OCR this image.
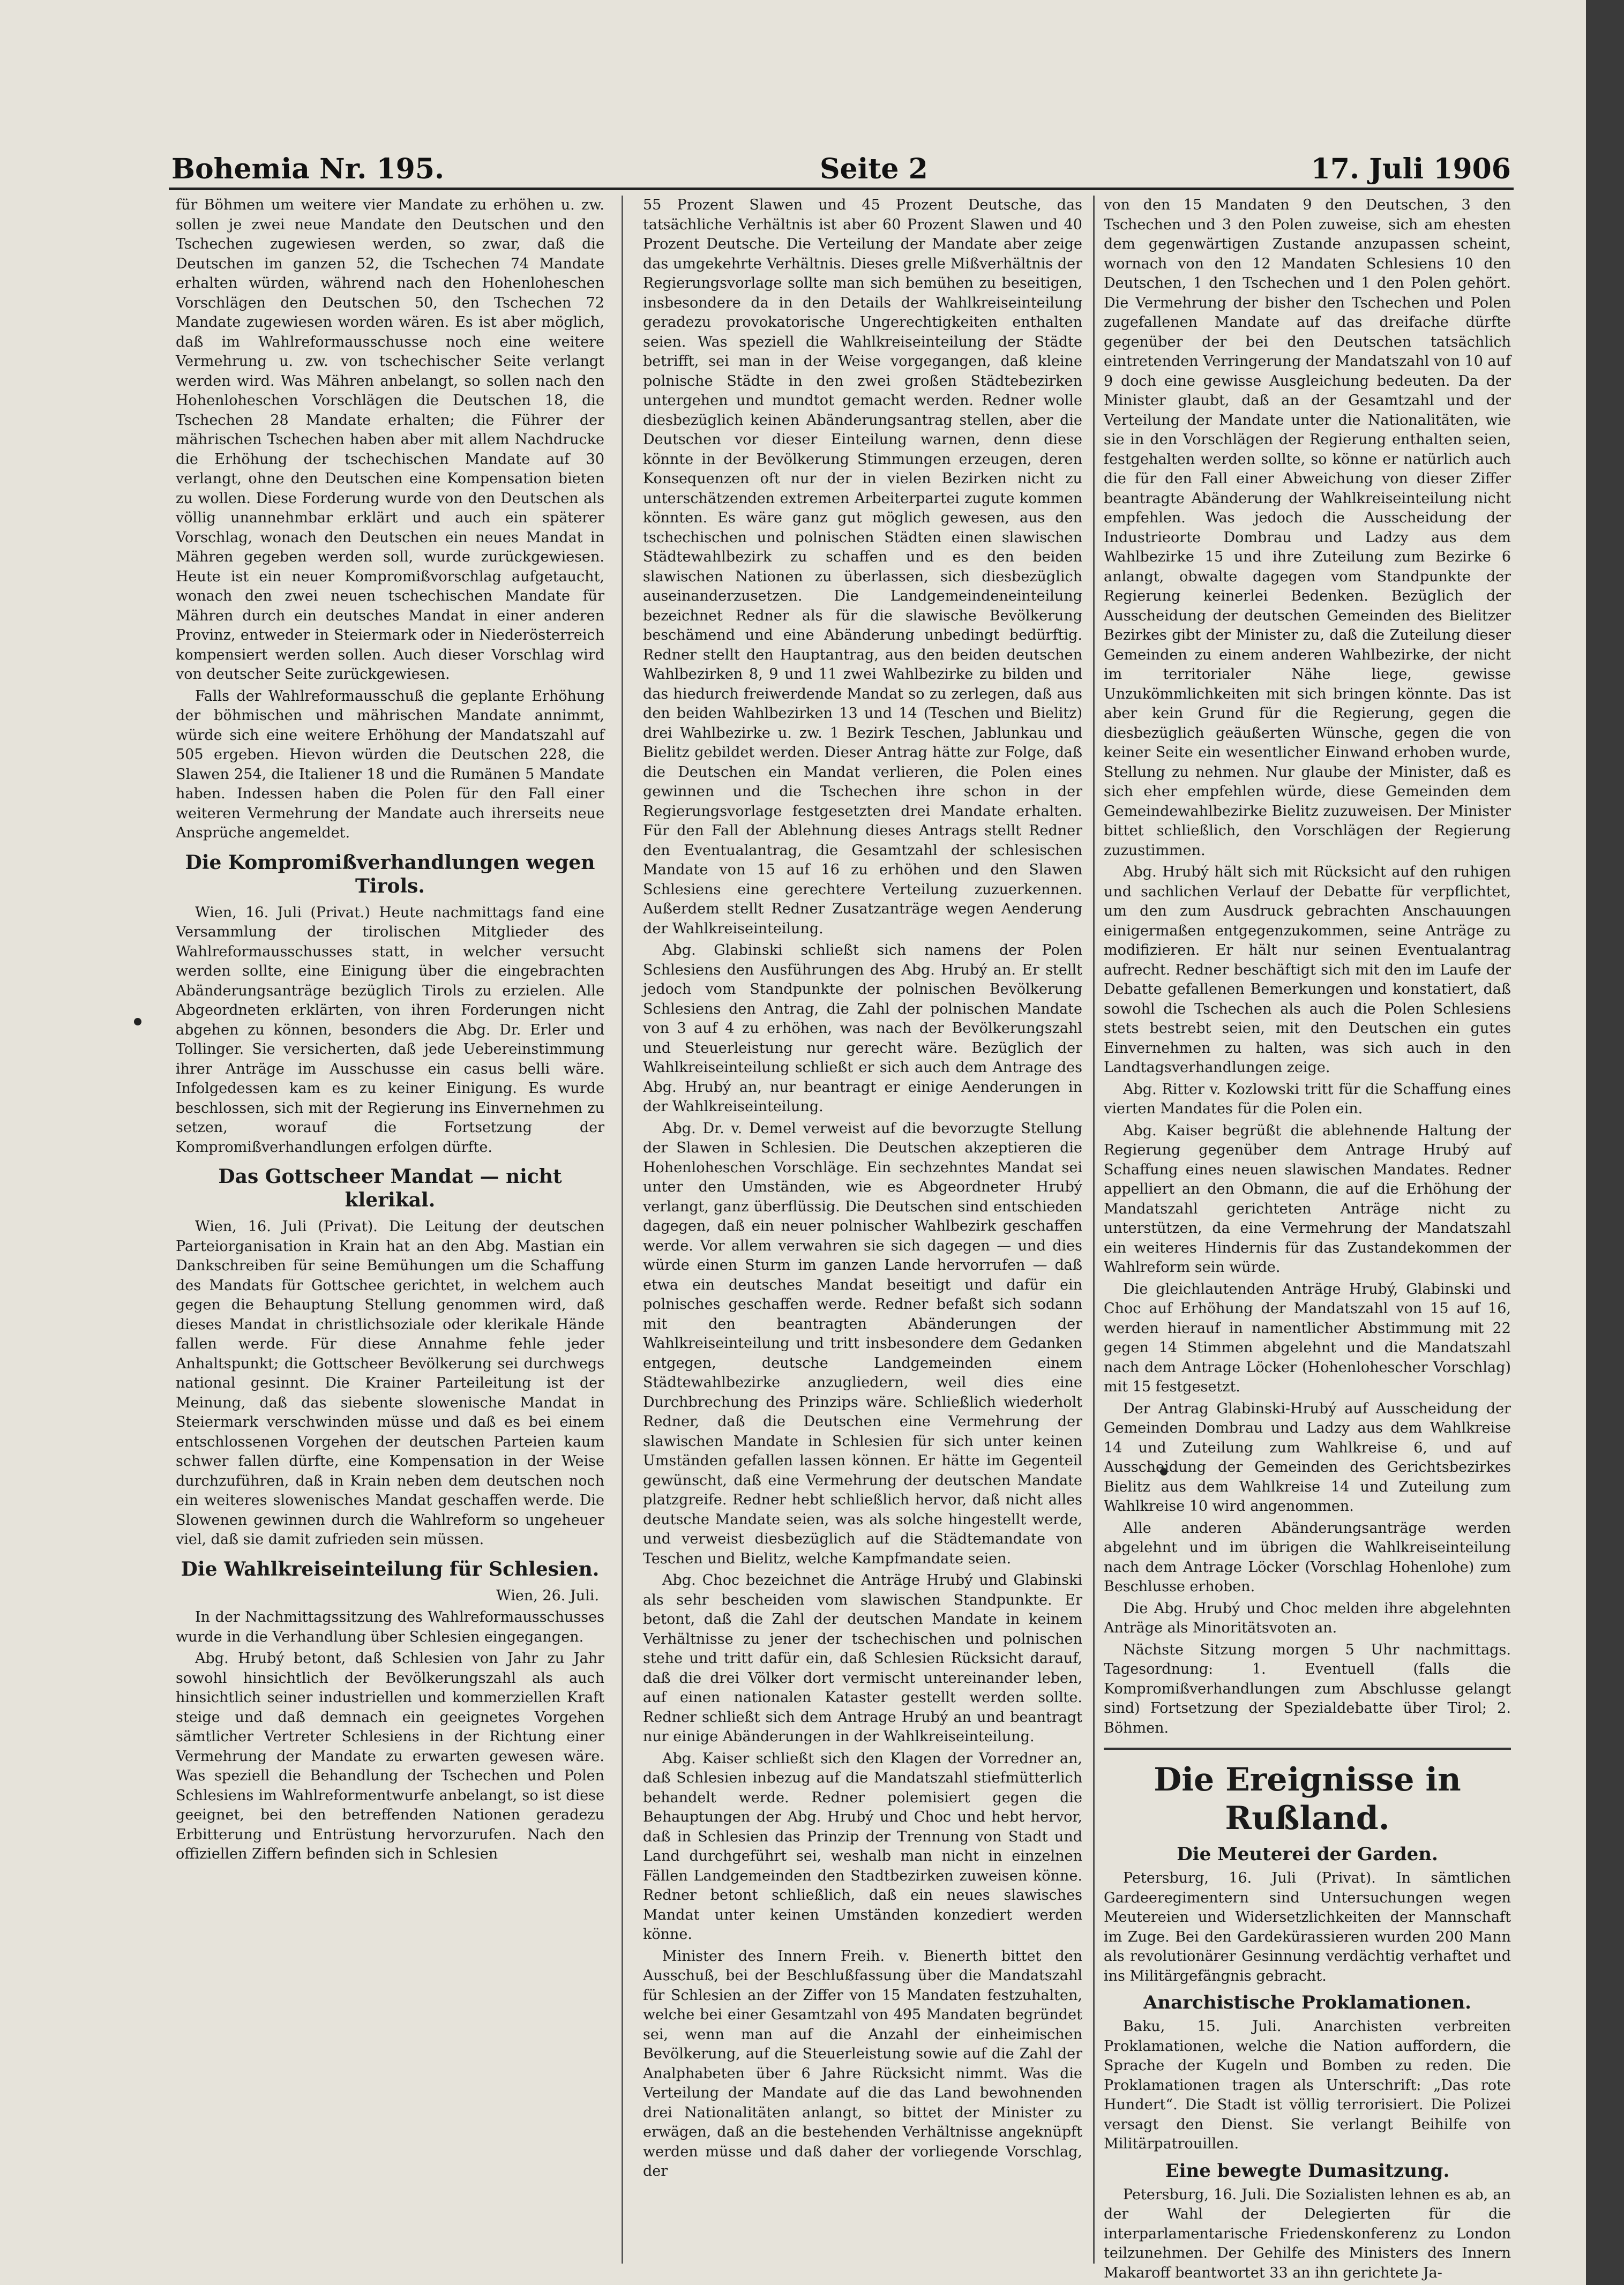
Bohemia Nr. 195.	Seite 2	17. Juli 1906

für Böhmen um weitere vier Mandate zu erhöhen u. zw. sollen je zwei neue Mandate den Deutschen und den Tschechen zugewiesen werden, so zwar, daß die Deutschen im ganzen 52, die Tschechen 74 Mandate erhalten würden, während nach den Hohenloheschen Vorschlägen den Deutschen 50, den Tschechen 72 Mandate zugewiesen worden wären. Es ist aber möglich, daß im Wahlreformausschusse noch eine weitere Vermehrung u. zw. von tschechischer Seite verlangt werden wird. Was Mähren anbelangt, so sollen nach den Hohenloheschen Vorschlägen die Deutschen 18, die Tschechen 28 Mandate erhalten; die Führer der mährischen Tschechen haben aber mit allem Nachdrucke die Erhöhung der tschechischen Mandate auf 30 verlangt, ohne den Deutschen eine Kompensation bieten zu wollen. Diese Forderung wurde von den Deutschen als völlig unannehmbar erklärt und auch ein späterer Vorschlag, wonach den Deutschen ein neues Mandat in Mähren gegeben werden soll, wurde zurückgewiesen. Heute ist ein neuer Kompromißvorschlag aufgetaucht, wonach den zwei neuen tschechischen Mandate für Mähren durch ein deutsches Mandat in einer anderen Provinz, entweder in Steiermark oder in Niederösterreich kompensiert werden sollen. Auch dieser Vorschlag wird von deutscher Seite zurückgewiesen.

Falls der Wahlreformausschuß die geplante Erhöhung der böhmischen und mährischen Mandate annimmt, würde sich eine weitere Erhöhung der Mandatszahl auf 505 ergeben. Hievon würden die Deutschen 228, die Slawen 254, die Italiener 18 und die Rumänen 5 Mandate haben. Indessen haben die Polen für den Fall einer weiteren Vermehrung der Mandate auch ihrerseits neue Ansprüche angemeldet.

Die Kompromißverhandlungen wegen Tirols.

Wien, 16. Juli (Privat.) Heute nachmittags fand eine Versammlung der tirolischen Mitglieder des Wahlreformausschusses statt, in welcher versucht werden sollte, eine Einigung über die eingebrachten Abänderungsanträge bezüglich Tirols zu erzielen. Alle Abgeordneten erklärten, von ihren Forderungen nicht abgehen zu können, besonders die Abg. Dr. Erler und Tollinger. Sie versicherten, daß jede Uebereinstimmung ihrer Anträge im Ausschusse ein casus belli wäre. Infolgedessen kam es zu keiner Einigung. Es wurde beschlossen, sich mit der Regierung ins Einvernehmen zu setzen, worauf die Fortsetzung der Kompromißverhandlungen erfolgen dürfte.

Das Gottscheer Mandat — nicht klerikal.

Wien, 16. Juli (Privat). Die Leitung der deutschen Parteiorganisation in Krain hat an den Abg. Mastian ein Dankschreiben für seine Bemühungen um die Schaffung des Mandats für Gottschee gerichtet, in welchem auch gegen die Behauptung Stellung genommen wird, daß dieses Mandat in christlichsoziale oder klerikale Hände fallen werde. Für diese Annahme fehle jeder Anhaltspunkt; die Gottscheer Bevölkerung sei durchwegs national gesinnt. Die Krainer Parteileitung ist der Meinung, daß das siebente slowenische Mandat in Steiermark verschwinden müsse und daß es bei einem entschlossenen Vorgehen der deutschen Parteien kaum schwer fallen dürfte, eine Kompensation in der Weise durchzuführen, daß in Krain neben dem deutschen noch ein weiteres slowenisches Mandat geschaffen werde. Die Slowenen gewinnen durch die Wahlreform so ungeheuer viel, daß sie damit zufrieden sein müssen.

Die Wahlkreiseinteilung für Schlesien.
Wien, 26. Juli.

In der Nachmittagssitzung des Wahlreformausschusses wurde in die Verhandlung über Schlesien eingegangen.

Abg. Hrubý betont, daß Schlesien von Jahr zu Jahr sowohl hinsichtlich der Bevölkerungszahl als auch hinsichtlich seiner industriellen und kommerziellen Kraft steige und daß demnach ein geeignetes Vorgehen sämtlicher Vertreter Schlesiens in der Richtung einer Vermehrung der Mandate zu erwarten gewesen wäre. Was speziell die Behandlung der Tschechen und Polen Schlesiens im Wahlreformentwurfe anbelangt, so ist diese geeignet, bei den betreffenden Nationen geradezu Erbitterung und Entrüstung hervorzurufen. Nach den offiziellen Ziffern befinden sich in Schlesien

55 Prozent Slawen und 45 Prozent Deutsche, das tatsächliche Verhältnis ist aber 60 Prozent Slawen und 40 Prozent Deutsche. Die Verteilung der Mandate aber zeige das umgekehrte Verhältnis. Dieses grelle Mißverhältnis der Regierungsvorlage sollte man sich bemühen zu beseitigen, insbesondere da in den Details der Wahlkreiseinteilung geradezu provokatorische Ungerechtigkeiten enthalten seien. Was speziell die Wahlkreiseinteilung der Städte betrifft, sei man in der Weise vorgegangen, daß kleine polnische Städte in den zwei großen Städtebezirken untergehen und mundtot gemacht werden. Redner wolle diesbezüglich keinen Abänderungsantrag stellen, aber die Deutschen vor dieser Einteilung warnen, denn diese könnte in der Bevölkerung Stimmungen erzeugen, deren Konsequenzen oft nur der in vielen Bezirken nicht zu unterschätzenden extremen Arbeiterpartei zugute kommen könnten. Es wäre ganz gut möglich gewesen, aus den tschechischen und polnischen Städten einen slawischen Städtewahlbezirk zu schaffen und es den beiden slawischen Nationen zu überlassen, sich diesbezüglich auseinanderzusetzen. Die Landgemeindeneinteilung bezeichnet Redner als für die slawische Bevölkerung beschämend und eine Abänderung unbedingt bedürftig. Redner stellt den Hauptantrag, aus den beiden deutschen Wahlbezirken 8, 9 und 11 zwei Wahlbezirke zu bilden und das hiedurch freiwerdende Mandat so zu zerlegen, daß aus den beiden Wahlbezirken 13 und 14 (Teschen und Bielitz) drei Wahlbezirke u. zw. 1 Bezirk Teschen, Jablunkau und Bielitz gebildet werden. Dieser Antrag hätte zur Folge, daß die Deutschen ein Mandat verlieren, die Polen eines gewinnen und die Tschechen ihre schon in der Regierungsvorlage festgesetzten drei Mandate erhalten. Für den Fall der Ablehnung dieses Antrags stellt Redner den Eventualantrag, die Gesamtzahl der schlesischen Mandate von 15 auf 16 zu erhöhen und den Slawen Schlesiens eine gerechtere Verteilung zuzuerkennen. Außerdem stellt Redner Zusatzanträge wegen Aenderung der Wahlkreiseinteilung.

Abg. Glabinski schließt sich namens der Polen Schlesiens den Ausführungen des Abg. Hrubý an. Er stellt jedoch vom Standpunkte der polnischen Bevölkerung Schlesiens den Antrag, die Zahl der polnischen Mandate von 3 auf 4 zu erhöhen, was nach der Bevölkerungszahl und Steuerleistung nur gerecht wäre. Bezüglich der Wahlkreiseinteilung schließt er sich auch dem Antrage des Abg. Hrubý an, nur beantragt er einige Aenderungen in der Wahlkreiseinteilung.

Abg. Dr. v. Demel verweist auf die bevorzugte Stellung der Slawen in Schlesien. Die Deutschen akzeptieren die Hohenloheschen Vorschläge. Ein sechzehntes Mandat sei unter den Umständen, wie es Abgeordneter Hrubý verlangt, ganz überflüssig. Die Deutschen sind entschieden dagegen, daß ein neuer polnischer Wahlbezirk geschaffen werde. Vor allem verwahren sie sich dagegen — und dies würde einen Sturm im ganzen Lande hervorrufen — daß etwa ein deutsches Mandat beseitigt und dafür ein polnisches geschaffen werde. Redner befaßt sich sodann mit den beantragten Abänderungen der Wahlkreiseinteilung und tritt insbesondere dem Gedanken entgegen, deutsche Landgemeinden einem Städtewahlbezirke anzugliedern, weil dies eine Durchbrechung des Prinzips wäre. Schließlich wiederholt Redner, daß die Deutschen eine Vermehrung der slawischen Mandate in Schlesien für sich unter keinen Umständen gefallen lassen können. Er hätte im Gegenteil gewünscht, daß eine Vermehrung der deutschen Mandate platzgreife. Redner hebt schließlich hervor, daß nicht alles deutsche Mandate seien, was als solche hingestellt werde, und verweist diesbezüglich auf die Städtemandate von Teschen und Bielitz, welche Kampfmandate seien.

Abg. Choc bezeichnet die Anträge Hrubý und Glabinski als sehr bescheiden vom slawischen Standpunkte. Er betont, daß die Zahl der deutschen Mandate in keinem Verhältnisse zu jener der tschechischen und polnischen stehe und tritt dafür ein, daß Schlesien Rücksicht darauf, daß die drei Völker dort vermischt untereinander leben, auf einen nationalen Kataster gestellt werden sollte. Redner schließt sich dem Antrage Hrubý an und beantragt nur einige Abänderungen in der Wahlkreiseinteilung.

Abg. Kaiser schließt sich den Klagen der Vorredner an, daß Schlesien inbezug auf die Mandatszahl stiefmütterlich behandelt werde. Redner polemisiert gegen die Behauptungen der Abg. Hrubý und Choc und hebt hervor, daß in Schlesien das Prinzip der Trennung von Stadt und Land durchgeführt sei, weshalb man nicht in einzelnen Fällen Landgemeinden den Stadtbezirken zuweisen könne. Redner betont schließlich, daß ein neues slawisches Mandat unter keinen Umständen konzediert werden könne.

Minister des Innern Freih. v. Bienerth bittet den Ausschuß, bei der Beschlußfassung über die Mandatszahl für Schlesien an der Ziffer von 15 Mandaten festzuhalten, welche bei einer Gesamtzahl von 495 Mandaten begründet sei, wenn man auf die Anzahl der einheimischen Bevölkerung, auf die Steuerleistung sowie auf die Zahl der Analphabeten über 6 Jahre Rücksicht nimmt. Was die Verteilung der Mandate auf die das Land bewohnenden drei Nationalitäten anlangt, so bittet der Minister zu erwägen, daß an die bestehenden Verhältnisse angeknüpft werden müsse und daß daher der vorliegende Vorschlag, der

von den 15 Mandaten 9 den Deutschen, 3 den Tschechen und 3 den Polen zuweise, sich am ehesten dem gegenwärtigen Zustande anzupassen scheint, wornach von den 12 Mandaten Schlesiens 10 den Deutschen, 1 den Tschechen und 1 den Polen gehört. Die Vermehrung der bisher den Tschechen und Polen zugefallenen Mandate auf das dreifache dürfte gegenüber der bei den Deutschen tatsächlich eintretenden Verringerung der Mandatszahl von 10 auf 9 doch eine gewisse Ausgleichung bedeuten. Da der Minister glaubt, daß an der Gesamtzahl und der Verteilung der Mandate unter die Nationalitäten, wie sie in den Vorschlägen der Regierung enthalten seien, festgehalten werden sollte, so könne er natürlich auch die für den Fall einer Abweichung von dieser Ziffer beantragte Abänderung der Wahlkreiseinteilung nicht empfehlen. Was jedoch die Ausscheidung der Industrieorte Dombrau und Ladzy aus dem Wahlbezirke 15 und ihre Zuteilung zum Bezirke 6 anlangt, obwalte dagegen vom Standpunkte der Regierung keinerlei Bedenken. Bezüglich der Ausscheidung der deutschen Gemeinden des Bielitzer Bezirkes gibt der Minister zu, daß die Zuteilung dieser Gemeinden zu einem anderen Wahlbezirke, der nicht im territorialer Nähe liege, gewisse Unzukömmlichkeiten mit sich bringen könnte. Das ist aber kein Grund für die Regierung, gegen die diesbezüglich geäußerten Wünsche, gegen die von keiner Seite ein wesentlicher Einwand erhoben wurde, Stellung zu nehmen. Nur glaube der Minister, daß es sich eher empfehlen würde, diese Gemeinden dem Gemeindewahlbezirke Bielitz zuzuweisen. Der Minister bittet schließlich, den Vorschlägen der Regierung zuzustimmen.

Abg. Hrubý hält sich mit Rücksicht auf den ruhigen und sachlichen Verlauf der Debatte für verpflichtet, um den zum Ausdruck gebrachten Anschauungen einigermaßen entgegenzukommen, seine Anträge zu modifizieren. Er hält nur seinen Eventualantrag aufrecht. Redner beschäftigt sich mit den im Laufe der Debatte gefallenen Bemerkungen und konstatiert, daß sowohl die Tschechen als auch die Polen Schlesiens stets bestrebt seien, mit den Deutschen ein gutes Einvernehmen zu halten, was sich auch in den Landtagsverhandlungen zeige.

Abg. Ritter v. Kozlowski tritt für die Schaffung eines vierten Mandates für die Polen ein.

Abg. Kaiser begrüßt die ablehnende Haltung der Regierung gegenüber dem Antrage Hrubý auf Schaffung eines neuen slawischen Mandates. Redner appelliert an den Obmann, die auf die Erhöhung der Mandatszahl gerichteten Anträge nicht zu unterstützen, da eine Vermehrung der Mandatszahl ein weiteres Hindernis für das Zustandekommen der Wahlreform sein würde.

Die gleichlautenden Anträge Hrubý, Glabinski und Choc auf Erhöhung der Mandatszahl von 15 auf 16, werden hierauf in namentlicher Abstimmung mit 22 gegen 14 Stimmen abgelehnt und die Mandatszahl nach dem Antrage Löcker (Hohenlohescher Vorschlag) mit 15 festgesetzt.

Der Antrag Glabinski-Hrubý auf Ausscheidung der Gemeinden Dombrau und Ladzy aus dem Wahlkreise 14 und Zuteilung zum Wahlkreise 6, und auf Ausscheidung der Gemeinden des Gerichtsbezirkes Bielitz aus dem Wahlkreise 14 und Zuteilung zum Wahlkreise 10 wird angenommen.

Alle anderen Abänderungsanträge werden abgelehnt und im übrigen die Wahlkreiseinteilung nach dem Antrage Löcker (Vorschlag Hohenlohe) zum Beschlusse erhoben.

Die Abg. Hrubý und Choc melden ihre abgelehnten Anträge als Minoritätsvoten an.

Nächste Sitzung morgen 5 Uhr nachmittags. Tagesordnung: 1. Eventuell (falls die Kompromißverhandlungen zum Abschlusse gelangt sind) Fortsetzung der Spezialdebatte über Tirol; 2. Böhmen.

Die Ereignisse in Rußland.
Die Meuterei der Garden.

Petersburg, 16. Juli (Privat). In sämtlichen Gardeeregimentern sind Untersuchungen wegen Meutereien und Widersetzlichkeiten der Mannschaft im Zuge. Bei den Gardekürassieren wurden 200 Mann als revolutionärer Gesinnung verdächtig verhaftet und ins Militärgefängnis gebracht.

Anarchistische Proklamationen.

Baku, 15. Juli. Anarchisten verbreiten Proklamationen, welche die Nation auffordern, die Sprache der Kugeln und Bomben zu reden. Die Proklamationen tragen als Unterschrift: „Das rote Hundert“. Die Stadt ist völlig terrorisiert. Die Polizei versagt den Dienst. Sie verlangt Beihilfe von Militärpatrouillen.

Eine bewegte Dumasitzung.

Petersburg, 16. Juli. Die Sozialisten lehnen es ab, an der Wahl der Delegierten für die interparlamentarische Friedenskonferenz zu London teilzunehmen. Der Gehilfe des Ministers des Innern Makaroff beantwortet 33 an ihn gerichtete Ja-
